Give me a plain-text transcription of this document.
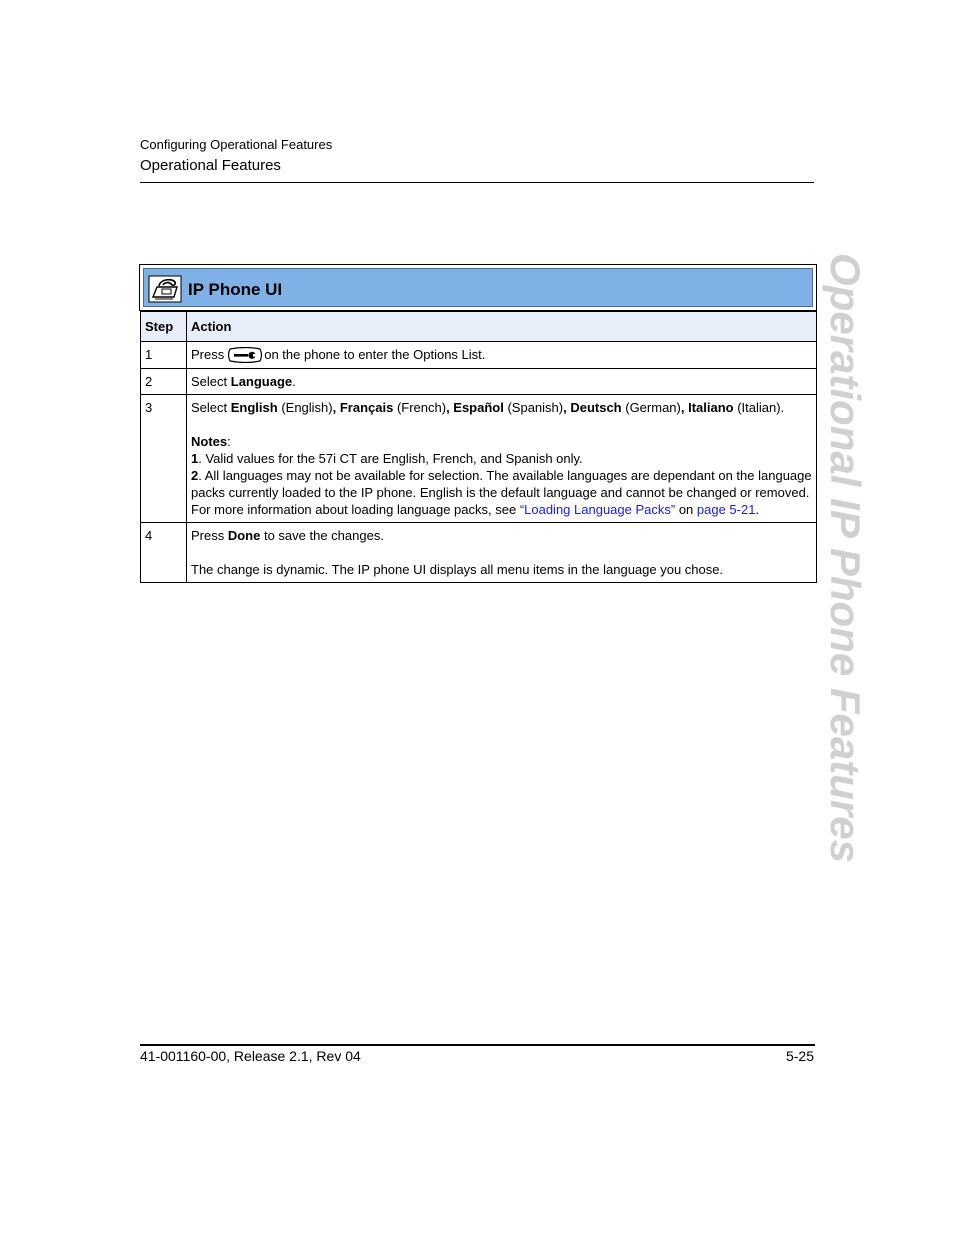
Configuring Operational Features
Operational Features
Operational IP Phone Features
IP Phone UI
Step	Action
1	Press on the phone to enter the Options List.
2	Select Language.
3	Select English (English), Français (French), Español (Spanish), Deutsch (German), Italiano (Italian).
Notes:
1. Valid values for the 57i CT are English, French, and Spanish only.
2. All languages may not be available for selection. The available languages are dependant on the language packs currently loaded to the IP phone. English is the default language and cannot be changed or removed. For more information about loading language packs, see “Loading Language Packs” on page 5-21.

4	Press Done to save the changes.
The change is dynamic. The IP phone UI displays all menu items in the language you chose.
41-001160-00, Release 2.1, Rev 04	5-25
